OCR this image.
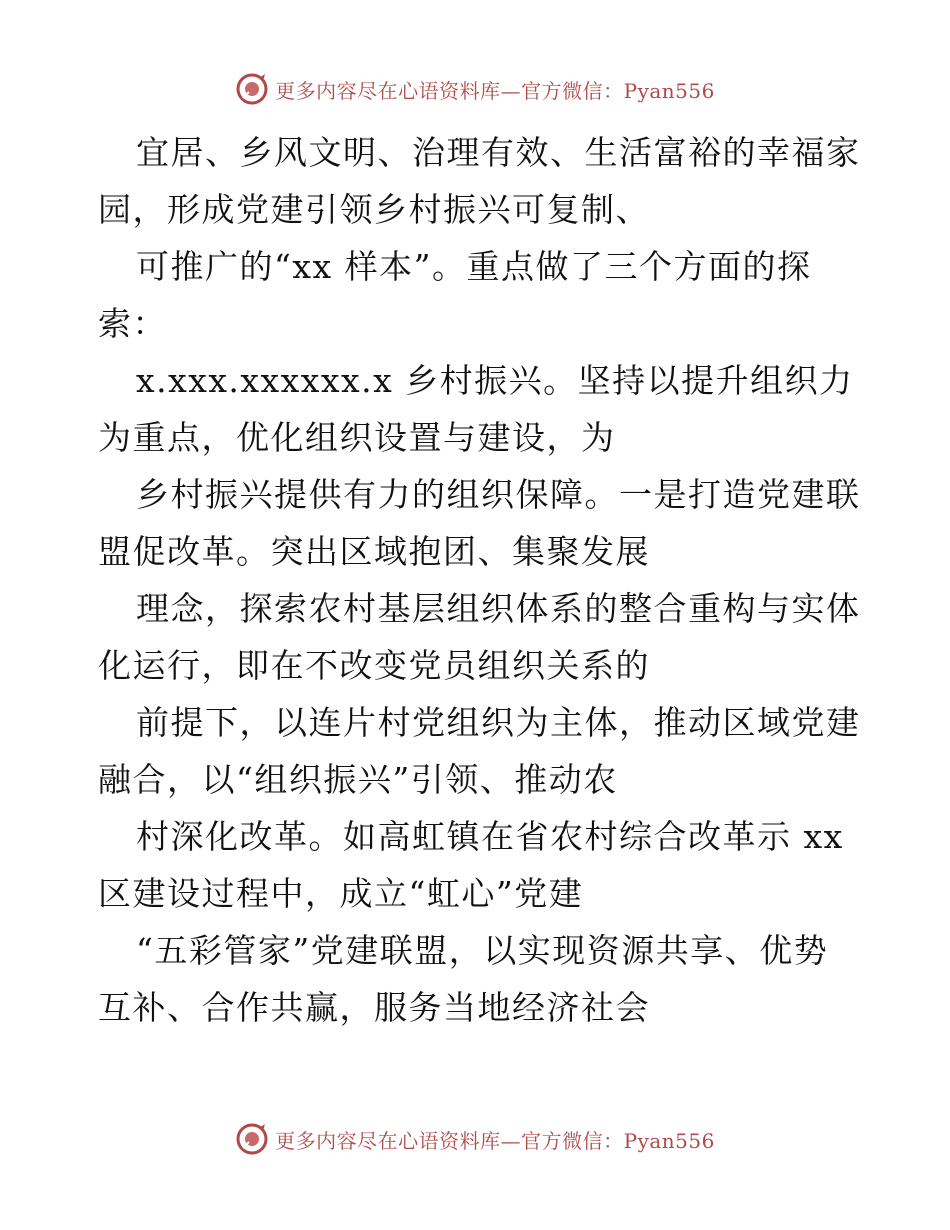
更多内容尽在心语资料库—官方微信：Pyan556
宜居、乡风文明、治理有效、生活富裕的幸福家
园，形成党建引领乡村振兴可复制、
可推广的“xx 样本”。重点做了三个方面的探
索：
x.xxx.xxxxxx.x 乡村振兴。坚持以提升组织力
为重点，优化组织设置与建设，为
乡村振兴提供有力的组织保障。一是打造党建联
盟促改革。突出区域抱团、集聚发展
理念，探索农村基层组织体系的整合重构与实体
化运行，即在不改变党员组织关系的
前提下，以连片村党组织为主体，推动区域党建
融合，以“组织振兴”引领、推动农
村深化改革。如高虹镇在省农村综合改革示 xx
区建设过程中，成立“虹心”党建
“五彩管家”党建联盟，以实现资源共享、优势
互补、合作共赢，服务当地经济社会
更多内容尽在心语资料库—官方微信：Pyan556
